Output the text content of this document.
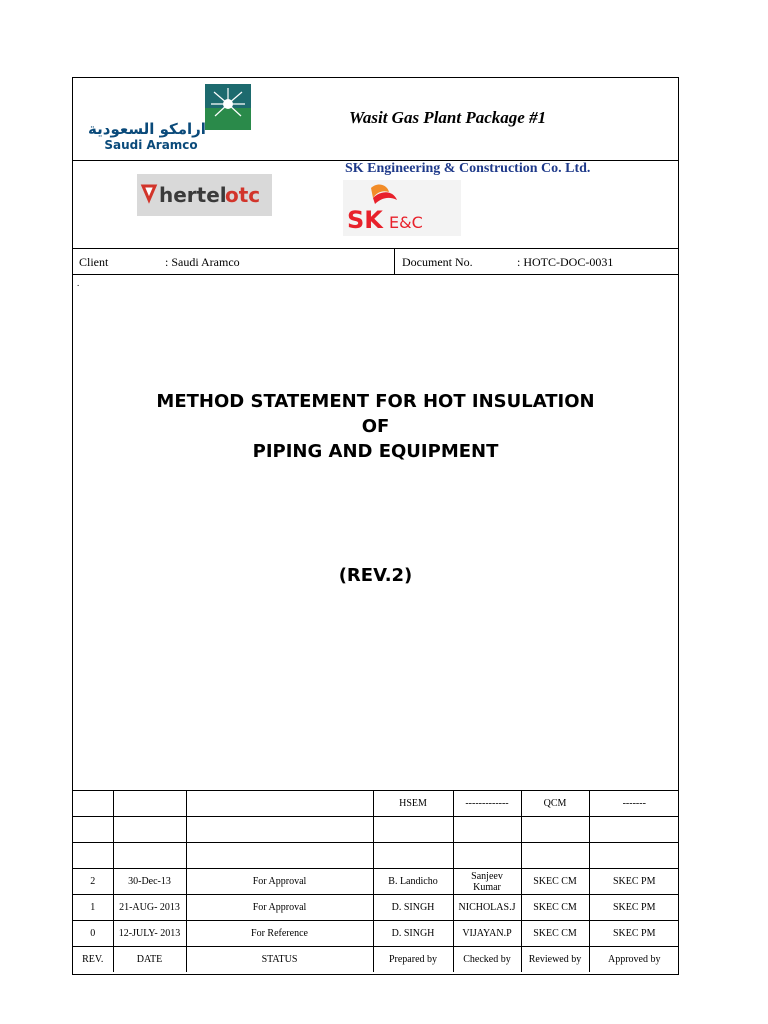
ارامكو السعودية
Saudi Aramco
Wasit Gas Plant Package #1
hertel
otc
SK Engineering & Construction Co. Ltd.
SK E&C
Client	: Saudi Aramco	Document No.	: HOTC-DOC-0031
.
METHOD STATEMENT FOR HOT INSULATION
OF
PIPING AND EQUIPMENT
(REV.2)
			HSEM	-------------	QCM	-------

2	30-Dec-13	For Approval	B. Landicho	Sanjeev Kumar	SKEC CM	SKEC PM
1	21-AUG- 2013	For Approval	D. SINGH	NICHOLAS.J	SKEC CM	SKEC PM
0	12-JULY- 2013	For Reference	D. SINGH	VIJAYAN.P	SKEC CM	SKEC PM
REV.	DATE	STATUS	Prepared by	Checked by	Reviewed by	Approved by
